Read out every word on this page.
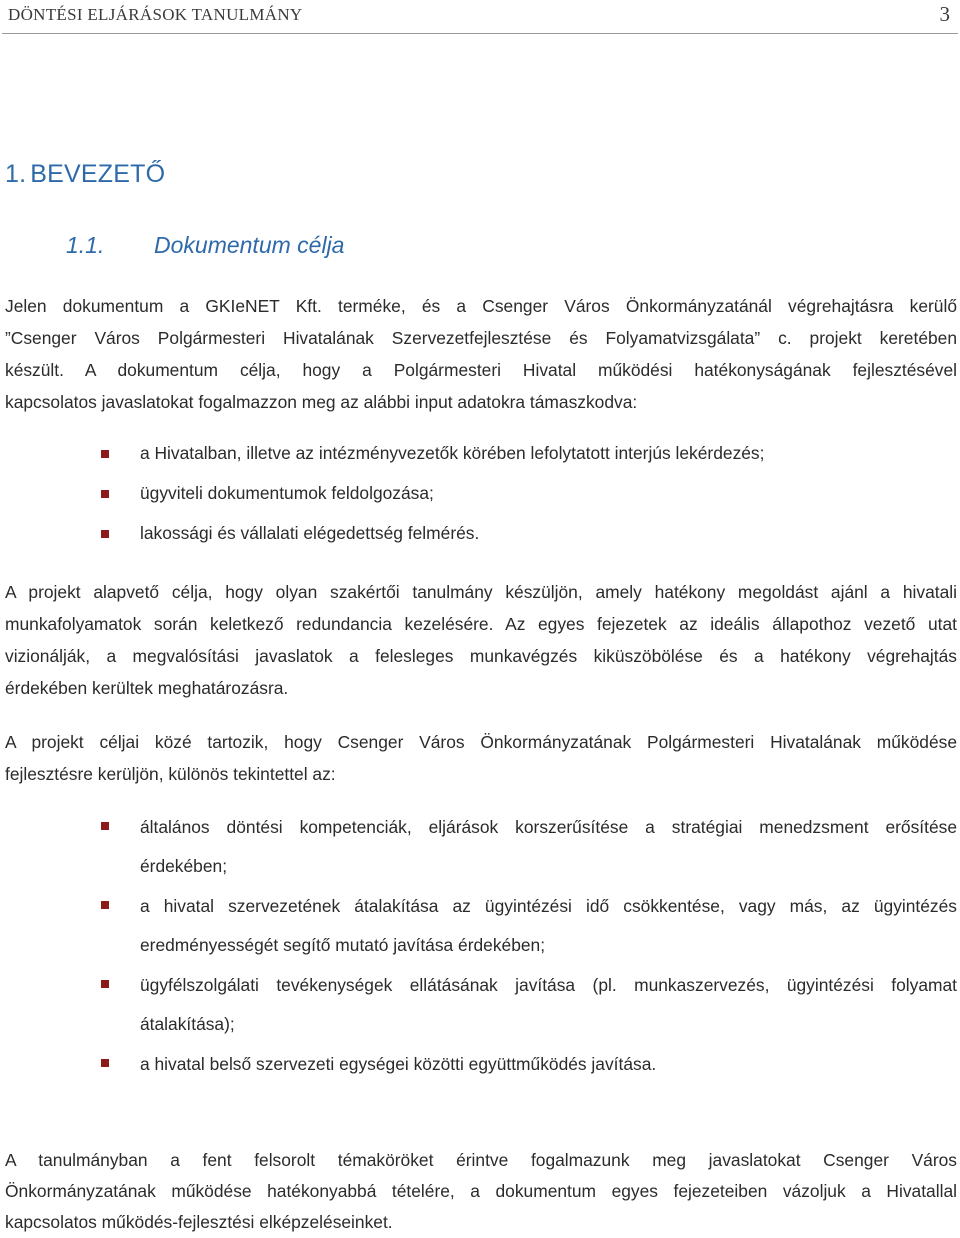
DÖNTÉSI ELJÁRÁSOK TANULMÁNY	3
1. BEVEZETŐ
1.1. Dokumentum célja
Jelen dokumentum a GKIeNET Kft. terméke, és a Csenger Város Önkormányzatánál végrehajtásra kerülő
”Csenger Város Polgármesteri Hivatalának Szervezetfejlesztése és Folyamatvizsgálata” c. projekt keretében
készült. A dokumentum célja, hogy a Polgármesteri Hivatal működési hatékonyságának fejlesztésével
kapcsolatos javaslatokat fogalmazzon meg az alábbi input adatokra támaszkodva:
a Hivatalban, illetve az intézményvezetők körében lefolytatott interjús lekérdezés;
ügyviteli dokumentumok feldolgozása;
lakossági és vállalati elégedettség felmérés.
A projekt alapvető célja, hogy olyan szakértői tanulmány készüljön, amely hatékony megoldást ajánl a hivatali
munkafolyamatok során keletkező redundancia kezelésére. Az egyes fejezetek az ideális állapothoz vezető utat
vizionálják, a megvalósítási javaslatok a felesleges munkavégzés kiküszöbölése és a hatékony végrehajtás
érdekében kerültek meghatározásra.
A projekt céljai közé tartozik, hogy Csenger Város Önkormányzatának Polgármesteri Hivatalának működése
fejlesztésre kerüljön, különös tekintettel az:
általános döntési kompetenciák, eljárások korszerűsítése a stratégiai menedzsment erősítése
érdekében;
a hivatal szervezetének átalakítása az ügyintézési idő csökkentése, vagy más, az ügyintézés
eredményességét segítő mutató javítása érdekében;
ügyfélszolgálati tevékenységek ellátásának javítása (pl. munkaszervezés, ügyintézési folyamat
átalakítása);
a hivatal belső szervezeti egységei közötti együttműködés javítása.
A tanulmányban a fent felsorolt témaköröket érintve fogalmazunk meg javaslatokat Csenger Város
Önkormányzatának működése hatékonyabbá tételére, a dokumentum egyes fejezeteiben vázoljuk a Hivatallal
kapcsolatos működés-fejlesztési elképzeléseinket.
